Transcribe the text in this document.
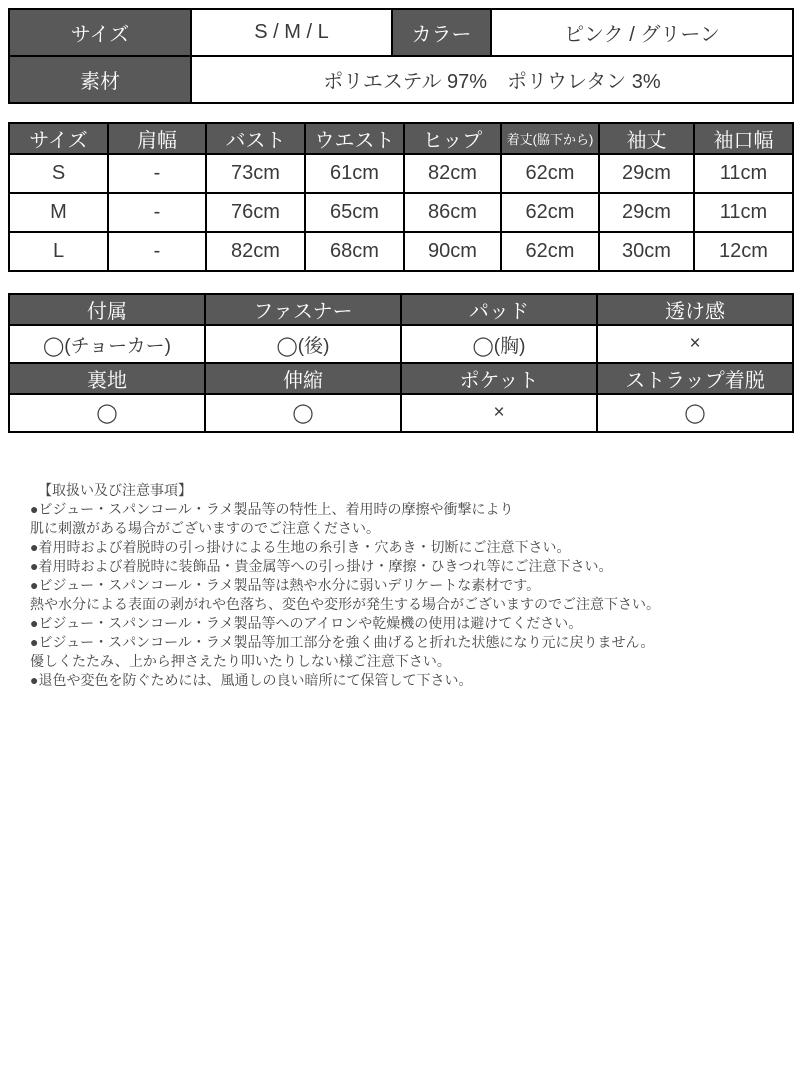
サイズ	S / M / L	カラー	ピンク / グリーン
素材	ポリエステル 97%　ポリウレタン 3%		
サイズ	肩幅	バスト	ウエスト	ヒップ	着丈(脇下から)	袖丈	袖口幅
S	-	73cm	61cm	82cm	62cm	29cm	11cm
M	-	76cm	65cm	86cm	62cm	29cm	11cm
L	-	82cm	68cm	90cm	62cm	30cm	12cm
付属	ファスナー	パッド	透け感
◯(チョーカー)	◯(後)	◯(胸)	×
裏地	伸縮	ポケット	ストラップ着脱
◯	◯	×	◯
【取扱い及び注意事項】
●ビジュー・スパンコール・ラメ製品等の特性上、着用時の摩擦や衝撃により
肌に刺激がある場合がございますのでご注意ください。
●着用時および着脱時の引っ掛けによる生地の糸引き・穴あき・切断にご注意下さい。
●着用時および着脱時に装飾品・貴金属等への引っ掛け・摩擦・ひきつれ等にご注意下さい。
●ビジュー・スパンコール・ラメ製品等は熱や水分に弱いデリケートな素材です。
熱や水分による表面の剥がれや色落ち、変色や変形が発生する場合がございますのでご注意下さい。
●ビジュー・スパンコール・ラメ製品等へのアイロンや乾燥機の使用は避けてください。
●ビジュー・スパンコール・ラメ製品等加工部分を強く曲げると折れた状態になり元に戻りません。
優しくたたみ、上から押さえたり叩いたりしない様ご注意下さい。
●退色や変色を防ぐためには、風通しの良い暗所にて保管して下さい。
